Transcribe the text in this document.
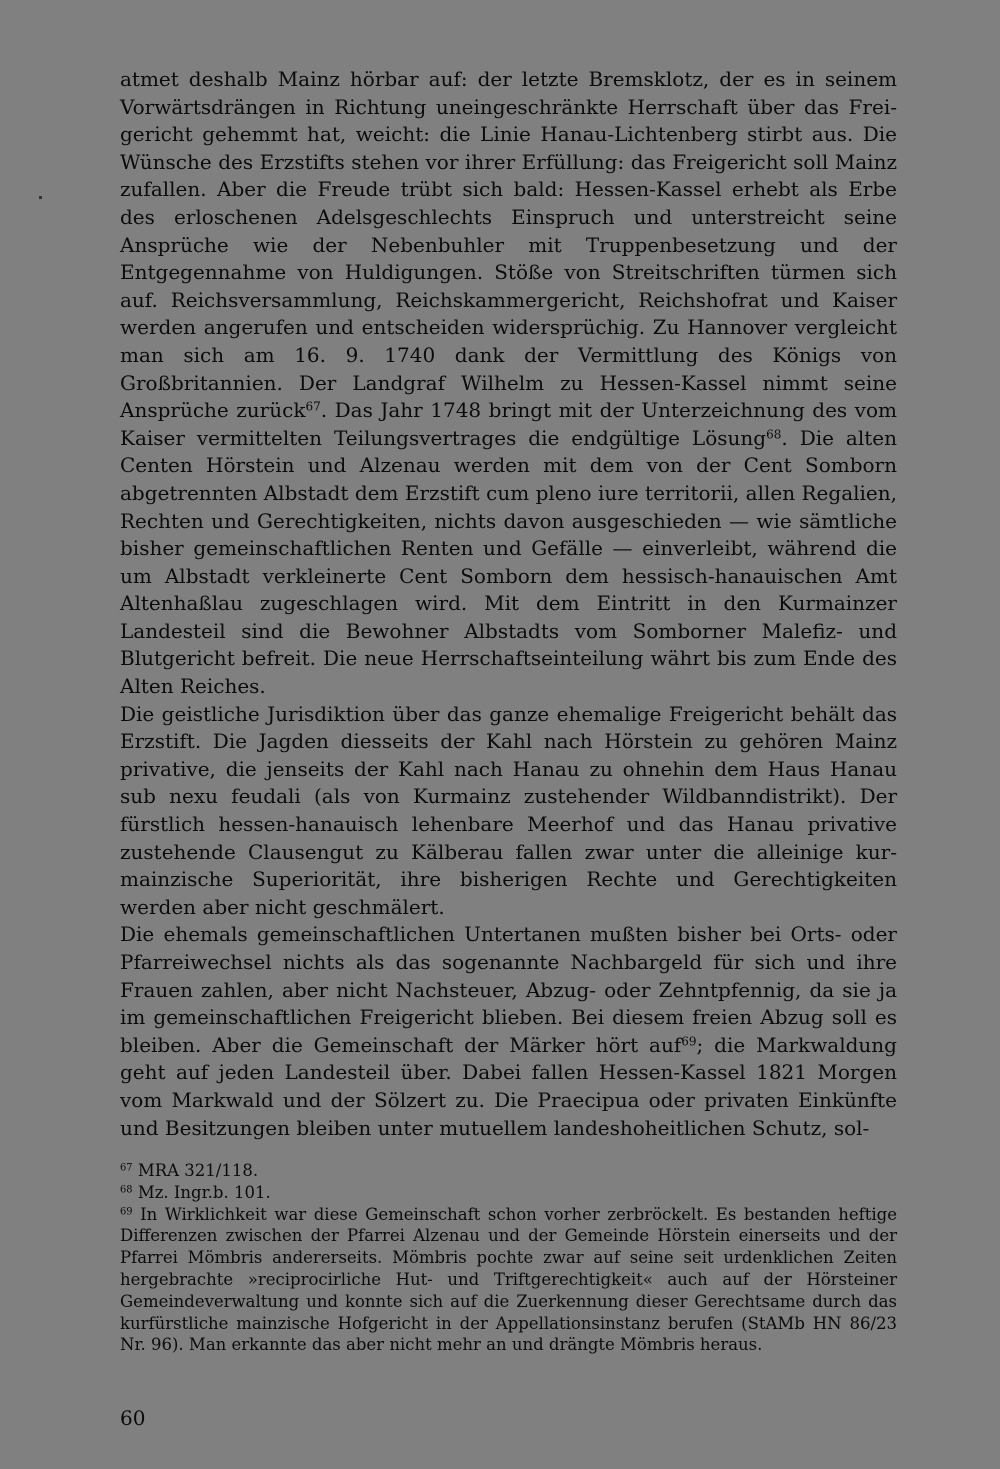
atmet deshalb Mainz hörbar auf: der letzte Bremsklotz, der es in seinem Vorwärtsdrängen in Richtung uneingeschränkte Herrschaft über das Freigericht gehemmt hat, weicht: die Linie Hanau-Lichtenberg stirbt aus. Die Wünsche des Erzstifts stehen vor ihrer Erfüllung: das Freigericht soll Mainz zufallen. Aber die Freude trübt sich bald: Hessen-Kassel erhebt als Erbe des erloschenen Adelsgeschlechts Einspruch und unterstreicht seine Ansprüche wie der Nebenbuhler mit Truppenbesetzung und der Entgegennahme von Huldigungen. Stöße von Streitschriften türmen sich auf. Reichsversammlung, Reichskammergericht, Reichshofrat und Kaiser werden angerufen und entscheiden widersprüchig. Zu Hannover vergleicht man sich am 16. 9. 1740 dank der Vermittlung des Königs von Großbritannien. Der Landgraf Wilhelm zu Hessen-Kassel nimmt seine Ansprüche zurück$^{67}$. Das Jahr 1748 bringt mit der Unterzeichnung des vom Kaiser vermittelten Teilungsvertrages die endgültige Lösung$^{68}$. Die alten Centen Hörstein und Alzenau werden mit dem von der Cent Somborn abgetrennten Albstadt dem Erzstift cum pleno iure territorii, allen Regalien, Rechten und Gerechtigkeiten, nichts davon ausgeschieden — wie sämtliche bisher gemeinschaftlichen Renten und Gefälle — einverleibt, während die um Albstadt verkleinerte Cent Somborn dem hessisch-hanauischen Amt Altenhaßlau zugeschlagen wird. Mit dem Eintritt in den Kurmainzer Landesteil sind die Bewohner Albstadts vom Somborner Malefiz- und Blutgericht befreit. Die neue Herrschaftseinteilung währt bis zum Ende des Alten Reiches.

Die geistliche Jurisdiktion über das ganze ehemalige Freigericht behält das Erzstift. Die Jagden diesseits der Kahl nach Hörstein zu gehören Mainz privative, die jenseits der Kahl nach Hanau zu ohnehin dem Haus Hanau sub nexu feudali (als von Kurmainz zustehender Wildbanndistrikt). Der fürstlich hessen-hanauisch lehenbare Meerhof und das Hanau privative zustehende Clausengut zu Kälberau fallen zwar unter die alleinige kurmainzische Superiorität, ihre bisherigen Rechte und Gerechtigkeiten werden aber nicht geschmälert.

Die ehemals gemeinschaftlichen Untertanen mußten bisher bei Orts- oder Pfarreiwechsel nichts als das sogenannte Nachbargeld für sich und ihre Frauen zahlen, aber nicht Nachsteuer, Abzug- oder Zehntpfennig, da sie ja im gemeinschaftlichen Freigericht blieben. Bei diesem freien Abzug soll es bleiben. Aber die Gemeinschaft der Märker hört auf$^{69}$; die Markwaldung geht auf jeden Landesteil über. Dabei fallen Hessen-Kassel 1821 Morgen vom Markwald und der Sölzert zu. Die Praecipua oder privaten Einkünfte und Besitzungen bleiben unter mutuellem landeshoheitlichen Schutz, sol-

$^{67}$ MRA 321/118.

$^{68}$ Mz. Ingr.b. 101.

$^{69}$ In Wirklichkeit war diese Gemeinschaft schon vorher zerbröckelt. Es bestanden heftige Differenzen zwischen der Pfarrei Alzenau und der Gemeinde Hörstein einerseits und der Pfarrei Mömbris andererseits. Mömbris pochte zwar auf seine seit urdenklichen Zeiten hergebrachte »reciprocirliche Hut- und Triftgerechtigkeit« auch auf der Hörsteiner Gemeindeverwaltung und konnte sich auf die Zuerkennung dieser Gerechtsame durch das kurfürstliche mainzische Hofgericht in der Appellationsinstanz berufen (StAMb HN 86/23 Nr. 96). Man erkannte das aber nicht mehr an und drängte Mömbris heraus.

60
